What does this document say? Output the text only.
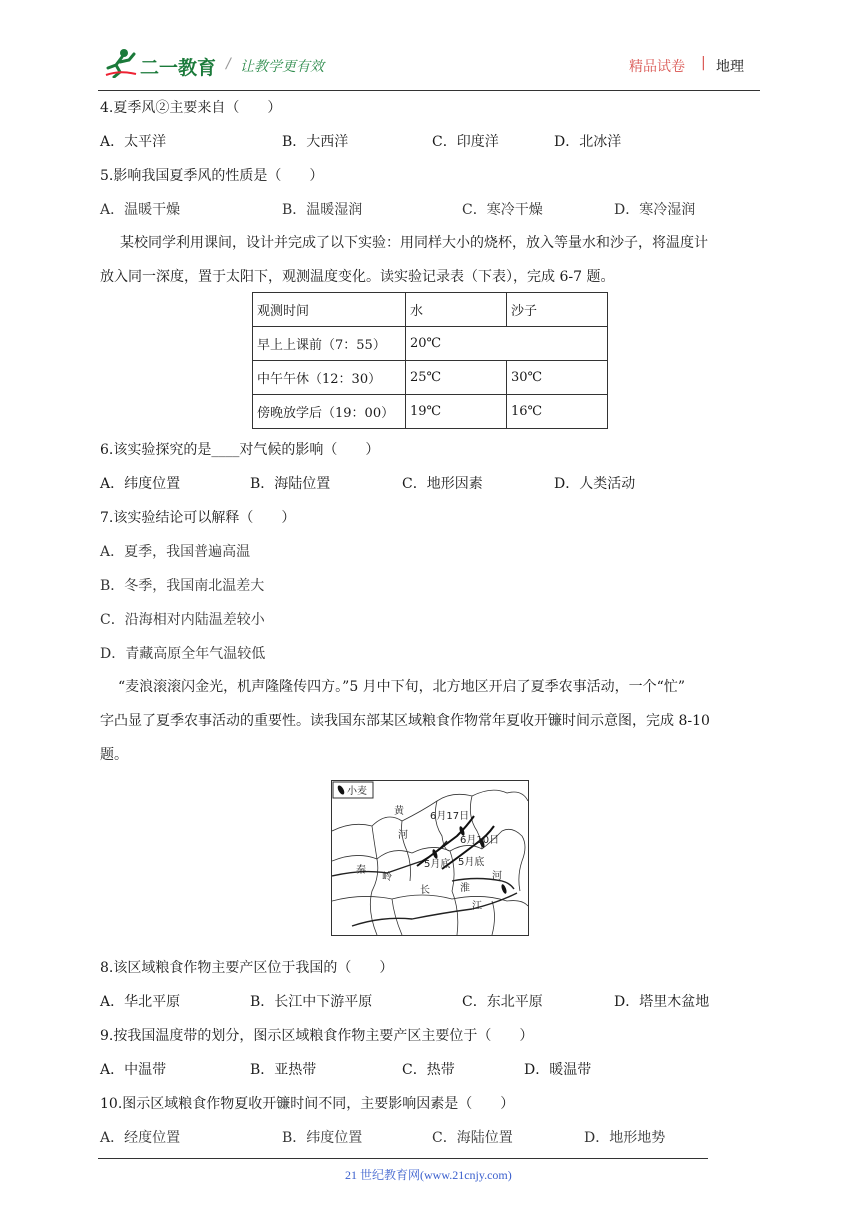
二一教育 / 让教学更有效	精品试卷 | 地理
4.夏季风②主要来自（　　）
A．太平洋	B．大西洋	C．印度洋	D．北冰洋
5.影响我国夏季风的性质是（　　）
A．温暖干燥	B．温暖湿润	C．寒冷干燥	D．寒冷湿润
某校同学利用课间，设计并完成了以下实验：用同样大小的烧杯，放入等量水和沙子，将温度计
放入同一深度，置于太阳下，观测温度变化。读实验记录表（下表），完成 6-7 题。
观测时间	水	沙子
早上上课前（7：55）	20℃	
中午午休（12：30）	25℃	30℃
傍晚放学后（19：00）	19℃	16℃
6.该实验探究的是____对气候的影响（　　）
A．纬度位置	B．海陆位置	C．地形因素	D．人类活动
7.该实验结论可以解释（　　）
A．夏季，我国普遍高温
B．冬季，我国南北温差大
C．沿海相对内陆温差较小
D．青藏高原全年气温较低
“麦浪滚滚闪金光，机声隆隆传四方。”5 月中下旬，北方地区开启了夏季农事活动，一个“忙”
字凸显了夏季农事活动的重要性。读我国东部某区域粮食作物常年夏收开镰时间示意图，完成 8-10
题。
小麦
黄
河
秦
岭
长	淮
江
河
6月17日
6月10日
5月底 5月底
8.该区域粮食作物主要产区位于我国的（　　）
A．华北平原	B．长江中下游平原	C．东北平原	D．塔里木盆地
9.按我国温度带的划分，图示区域粮食作物主要产区主要位于（　　）
A．中温带	B．亚热带	C．热带	D．暖温带
10.图示区域粮食作物夏收开镰时间不同，主要影响因素是（　　）
A．经度位置	B．纬度位置	C．海陆位置	D．地形地势
21 世纪教育网(www.21cnjy.com)
